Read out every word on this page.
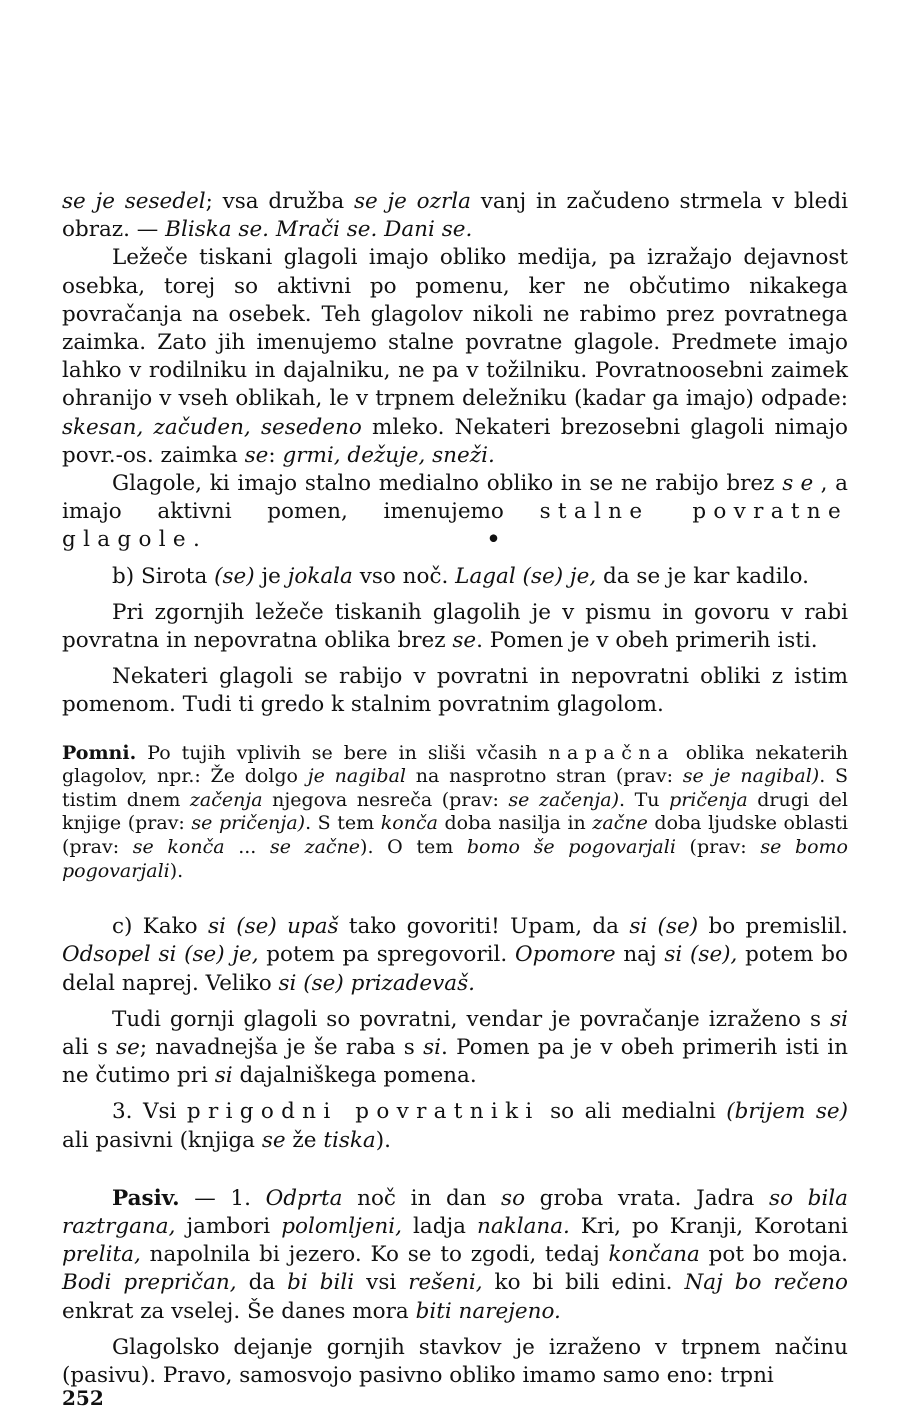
se je sesedel; vsa družba se je ozrla vanj in začudeno strmela v bledi obraz. — Bliska se. Mrači se. Dani se.

Ležeče tiskani glagoli imajo obliko medija, pa izražajo dejavnost osebka, torej so aktivni po pomenu, ker ne občutimo nikakega povračanja na osebek. Teh glagolov nikoli ne rabimo prez povratnega zaimka. Zato jih imenujemo stalne povratne glagole. Predmete imajo lahko v rodilniku in dajalniku, ne pa v tožilniku. Povratnoosebni zaimek ohranijo v vseh oblikah, le v trpnem deležniku (kadar ga imajo) odpade: skesan, začuden, sesedeno mleko. Nekateri brezosebni glagoli nimajo povr.-os. zaimka se: grmi, dežuje, sneži.

Glagole, ki imajo stalno medialno obliko in se ne rabijo brez se, a imajo aktivni pomen, imenujemo stalne povratne glagole.	•

b) Sirota (se) je jokala vso noč. Lagal (se) je, da se je kar kadilo.

Pri zgornjih ležeče tiskanih glagolih je v pismu in govoru v rabi povratna in nepovratna oblika brez se. Pomen je v obeh primerih isti.

Nekateri glagoli se rabijo v povratni in nepovratni obliki z istim pomenom. Tudi ti gredo k stalnim povratnim glagolom.

Pomni. Po tujih vplivih se bere in sliši včasih napačna oblika nekaterih glagolov, npr.: Že dolgo je nagibal na nasprotno stran (prav: se je nagibal). S tistim dnem začenja njegova nesreča (prav: se začenja). Tu pričenja drugi del knjige (prav: se pričenja). S tem konča doba nasilja in začne doba ljudske oblasti (prav: se konča ... se začne). O tem bomo še pogovarjali (prav: se bomo pogovarjali).

c) Kako si (se) upaš tako govoriti! Upam, da si (se) bo premislil. Odsopel si (se) je, potem pa spregovoril. Opomore naj si (se), potem bo delal naprej. Veliko si (se) prizadevaš.

Tudi gornji glagoli so povratni, vendar je povračanje izraženo s si ali s se; navadnejša je še raba s si. Pomen pa je v obeh primerih isti in ne čutimo pri si dajalniškega pomena.

3. Vsi prigodni povratniki so ali medialni (brijem se) ali pasivni (knjiga se že tiska).

Pasiv. — 1. Odprta noč in dan so groba vrata. Jadra so bila raztrgana, jambori polomljeni, ladja naklana. Kri, po Kranji, Korotani prelita, napolnila bi jezero. Ko se to zgodi, tedaj končana pot bo moja. Bodi prepričan, da bi bili vsi rešeni, ko bi bili edini. Naj bo rečeno enkrat za vselej. Še danes mora biti narejeno.

Glagolsko dejanje gornjih stavkov je izraženo v trpnem načinu (pasivu). Pravo, samosvojo pasivno obliko imamo samo eno: trpni

252
